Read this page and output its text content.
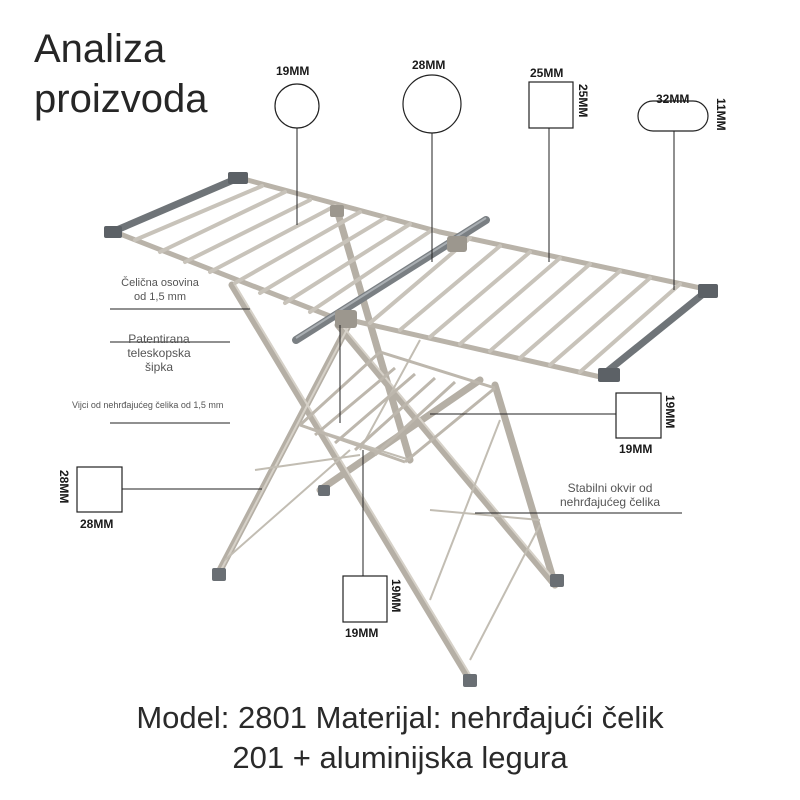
Analiza
proizvoda
19MM	28MM
25MM
25MM	32MM 11MM
19MM
19MM
28MM
28MM
19MM
19MM
Čelična osovina
od 1,5 mm
Patentirana
teleskopska
šipka
Vijci od nehrđajućeg čelika od 1,5 mm
Stabilni okvir od
nehrđajućeg čelika
Model: 2801 Materijal: nehrđajući čelik
201 + aluminijska legura
